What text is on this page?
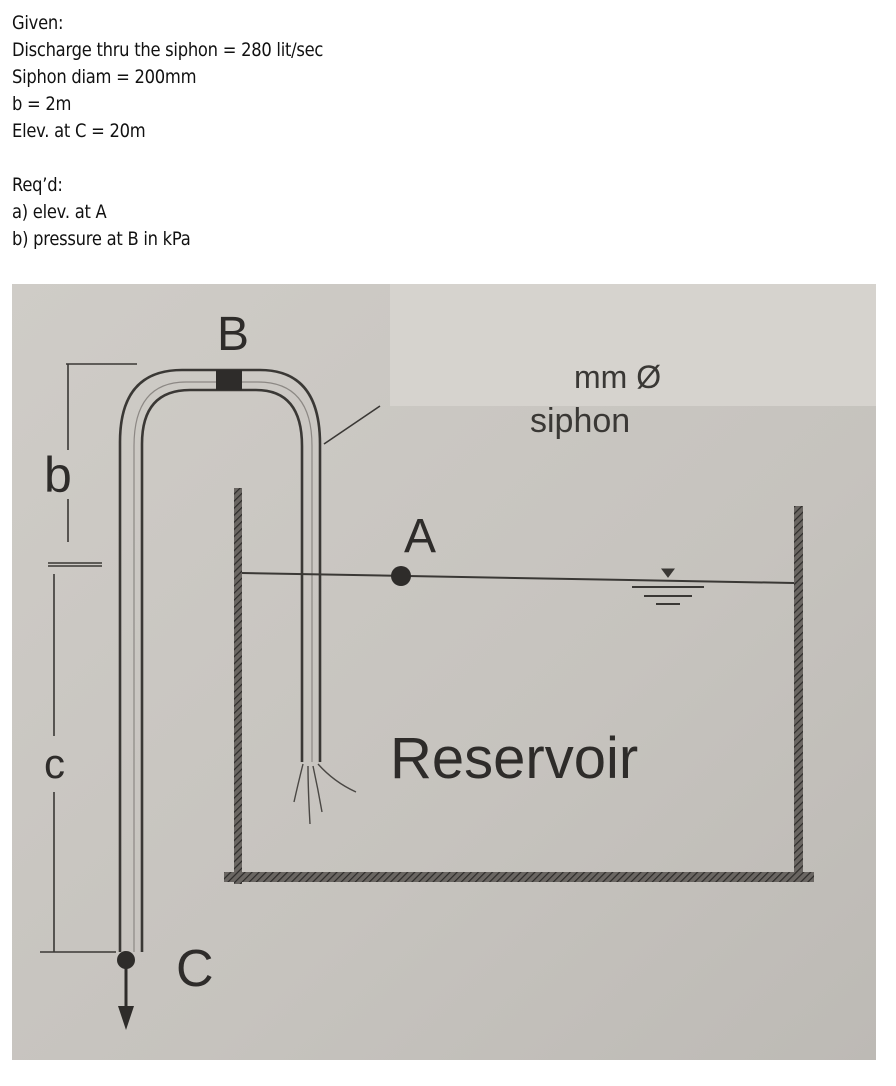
Given:
Discharge thru the siphon = 280 lit/sec
Siphon diam = 200mm
b = 2m
Elev. at C = 20m
Req’d:
a) elev. at A
b) pressure at B in kPa
B
mm Ø
siphon
b
A
c	Reservoir
C
